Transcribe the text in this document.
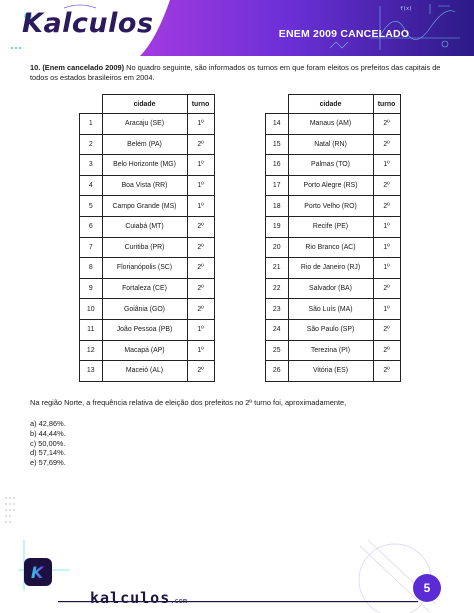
f(x)
Kalculos	ENEM 2009 CANCELADO
10. (Enem cancelado 2009) No quadro seguinte, são informados os turnos em que foram eleitos os prefeitos das capitais de todos os estados brasileiros em 2004.
	cidade	turno
1	Aracaju (SE)	1º
2	Belém (PA)	2º
3	Belo Horizonte (MG)	1º
4	Boa Vista (RR)	1º
5	Campo Grande (MS)	1º
6	Cuiabá (MT)	2º
7	Curitiba (PR)	2º
8	Florianópolis (SC)	2º
9	Fortaleza (CE)	2º
10	Goiânia (GO)	2º
11	João Pessoa (PB)	1º
12	Macapá (AP)	1º
13	Maceió (AL)	2º
	cidade	turno
14	Manaus (AM)	2º
15	Natal (RN)	2º
16	Palmas (TO)	1º
17	Porto Alegre (RS)	2º
18	Porto Velho (RO)	2º
19	Recife (PE)	1º
20	Rio Branco (AC)	1º
21	Rio de Janeiro (RJ)	1º
22	Salvador (BA)	2º
23	São Luís (MA)	1º
24	São Paulo (SP)	2º
25	Terezina (PI)	2º
26	Vitória (ES)	2º
Na região Norte, a frequência relativa de eleição dos prefeitos no 2º turno foi, aproximadamente,
a) 42,86%.
b) 44,44%.
c) 50,00%.
d) 57,14%.
e) 57,69%.
K
kalculos.com
5
